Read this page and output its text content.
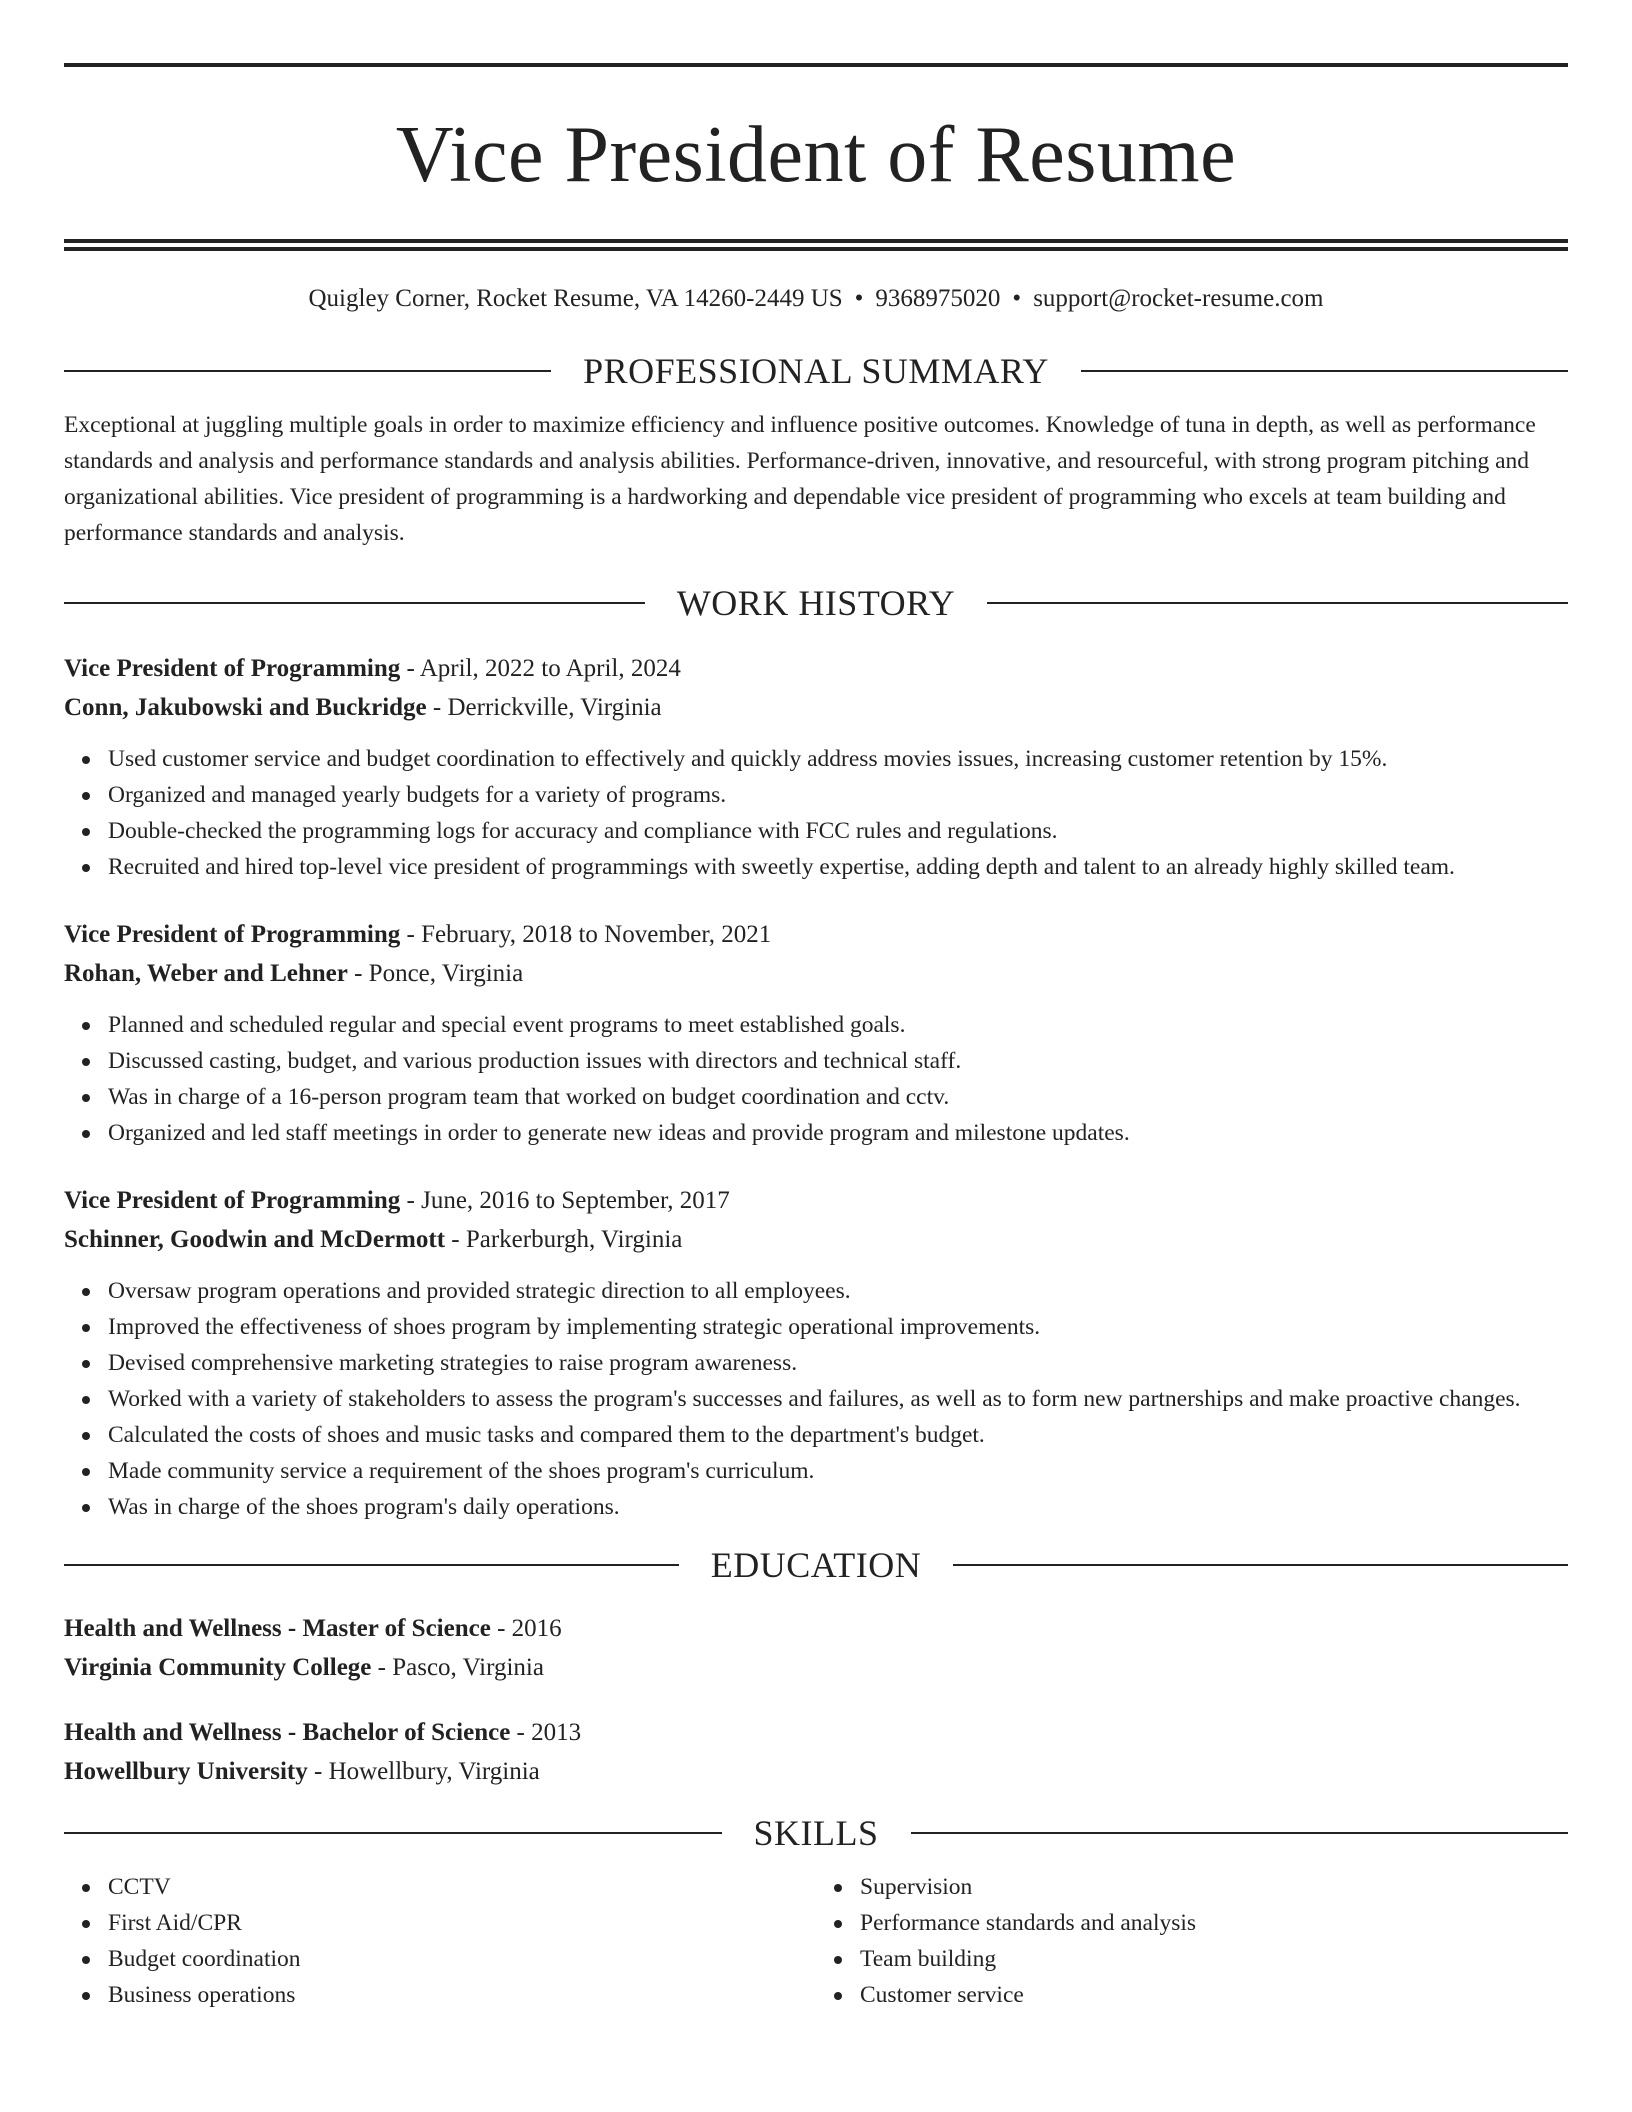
Vice President of Resume
Quigley Corner, Rocket Resume, VA 14260-2449 US • 9368975020 • support@rocket-resume.com
PROFESSIONAL SUMMARY

Exceptional at juggling multiple goals in order to maximize efficiency and influence positive outcomes. Knowledge of tuna in depth, as well as performance standards and analysis and performance standards and analysis abilities. Performance-driven, innovative, and resourceful, with strong program pitching and organizational abilities. Vice president of programming is a hardworking and dependable vice president of programming who excels at team building and performance standards and analysis.

WORK HISTORY
Vice President of Programming - April, 2022 to April, 2024
Conn, Jakubowski and Buckridge - Derrickville, Virginia
Used customer service and budget coordination to effectively and quickly address movies issues, increasing customer retention by 15%.
Organized and managed yearly budgets for a variety of programs.
Double-checked the programming logs for accuracy and compliance with FCC rules and regulations.
Recruited and hired top-level vice president of programmings with sweetly expertise, adding depth and talent to an already highly skilled team.
Vice President of Programming - February, 2018 to November, 2021
Rohan, Weber and Lehner - Ponce, Virginia
Planned and scheduled regular and special event programs to meet established goals.
Discussed casting, budget, and various production issues with directors and technical staff.
Was in charge of a 16-person program team that worked on budget coordination and cctv.
Organized and led staff meetings in order to generate new ideas and provide program and milestone updates.
Vice President of Programming - June, 2016 to September, 2017
Schinner, Goodwin and McDermott - Parkerburgh, Virginia
Oversaw program operations and provided strategic direction to all employees.
Improved the effectiveness of shoes program by implementing strategic operational improvements.
Devised comprehensive marketing strategies to raise program awareness.
Worked with a variety of stakeholders to assess the program's successes and failures, as well as to form new partnerships and make proactive changes.
Calculated the costs of shoes and music tasks and compared them to the department's budget.
Made community service a requirement of the shoes program's curriculum.
Was in charge of the shoes program's daily operations.
EDUCATION
Health and Wellness - Master of Science - 2016
Virginia Community College - Pasco, Virginia
Health and Wellness - Bachelor of Science - 2013
Howellbury University - Howellbury, Virginia
SKILLS
CCTV
First Aid/CPR
Budget coordination
Business operations
Supervision
Performance standards and analysis
Team building
Customer service
